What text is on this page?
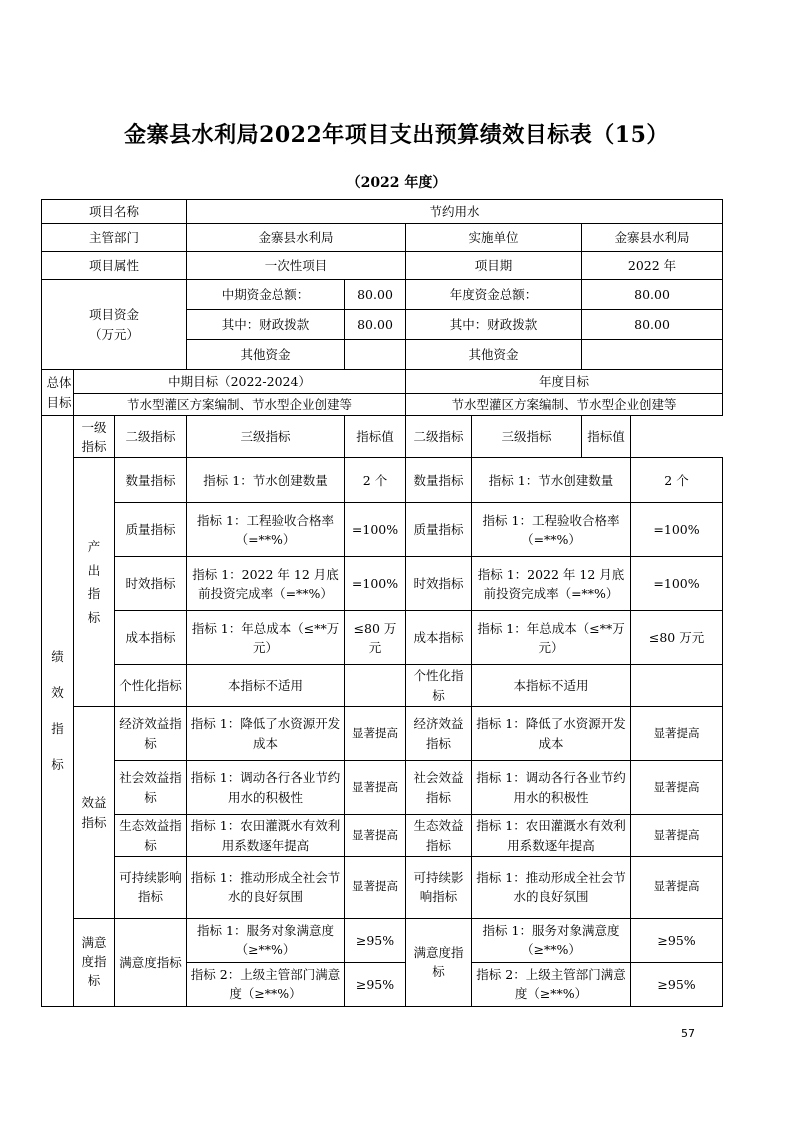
金寨县水利局2022年项目支出预算绩效目标表（15）
（2022 年度）
项目名称			节约用水					
主管部门			金寨县水利局		实施单位		金寨县水利局	
项目属性			一次性项目		项目期		2022 年	
项目资金
（万元）			中期资金总额：	80.00	年度资金总额：		80.00	
			其中：财政拨款	80.00	其中：财政拨款		80.00	
			其他资金		其他资金			
总体目标	中期目标（2022-2024）				年度目标			
	节水型灌区方案编制、节水型企业创建等				节水型灌区方案编制、节水型企业创建等			
绩效指标	一级指标	二级指标	三级指标	指标值	二级指标	三级指标	指标值
	产出指标	数量指标	指标 1：节水创建数量	2 个	数量指标	指标 1：节水创建数量		2 个
		质量指标	指标 1：工程验收合格率（=**%）	=100%	质量指标	指标 1：工程验收合格率（=**%）		=100%
		时效指标	指标 1：2022 年 12 月底前投资完成率（=**%）	=100%	时效指标	指标 1：2022 年 12 月底前投资完成率（=**%）		=100%
		成本指标	指标 1：年总成本（≤**万元）	≤80 万元	成本指标	指标 1：年总成本（≤**万元）		≤80 万元
		个性化指标	本指标不适用		个性化指标	本指标不适用		
	效益指标	经济效益指标	指标 1：降低了水资源开发成本	显著提高	经济效益指标	指标 1：降低了水资源开发成本		显著提高
		社会效益指标	指标 1：调动各行各业节约用水的积极性	显著提高	社会效益指标	指标 1：调动各行各业节约用水的积极性		显著提高
		生态效益指标	指标 1：农田灌溉水有效利用系数逐年提高	显著提高	生态效益指标	指标 1：农田灌溉水有效利用系数逐年提高		显著提高
		可持续影响指标	指标 1：推动形成全社会节水的良好氛围	显著提高	可持续影响指标	指标 1：推动形成全社会节水的良好氛围		显著提高
	满意度指标	满意度指标	指标 1：服务对象满意度（≥**%）	≥95%	满意度指标	指标 1：服务对象满意度（≥**%）		≥95%
			指标 2：上级主管部门满意度（≥**%）	≥95%		指标 2：上级主管部门满意度（≥**%）		≥95%
57
